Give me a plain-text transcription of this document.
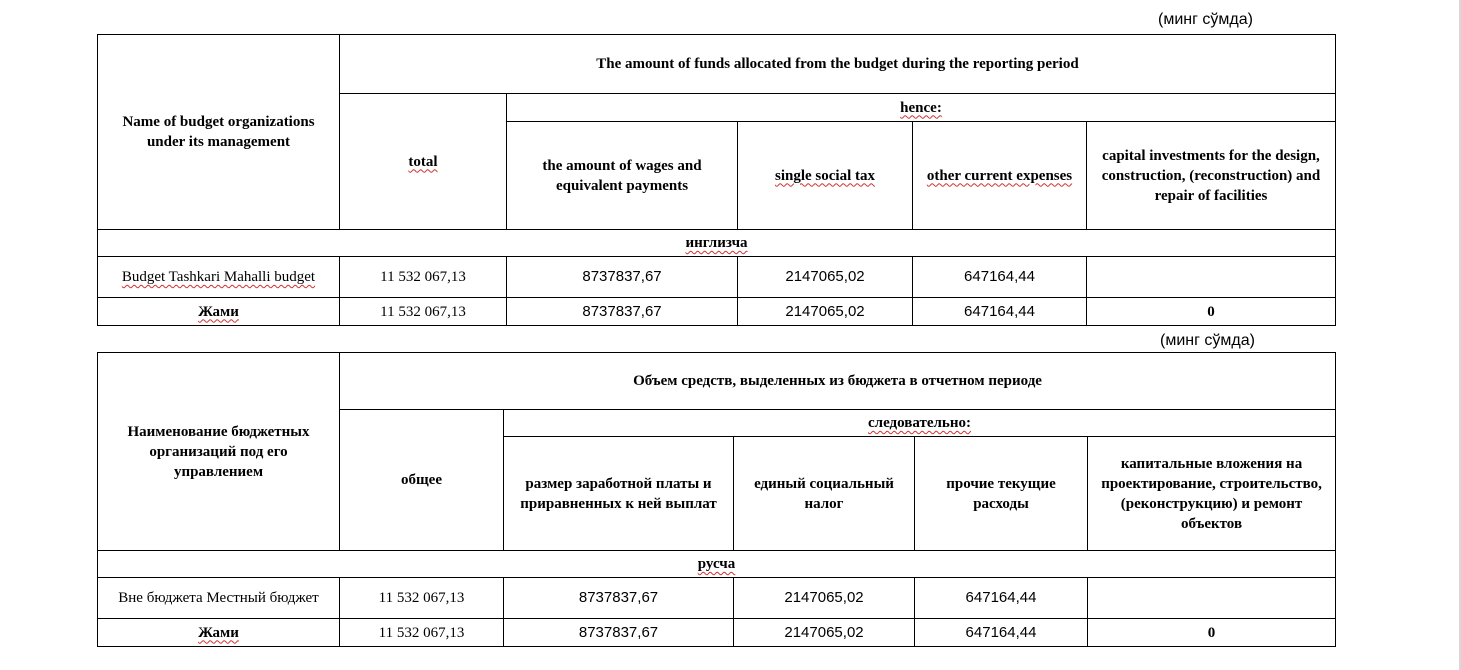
(минг сўмда)
Name of budget organizations under its management	The amount of funds allocated from the budget during the reporting period				
	total	hence:			
		the amount of wages and equivalent payments	single social tax	other current expenses	capital investments for the design, construction, (reconstruction) and repair of facilities
инглизча					
Budget Tashkari Mahalli budget	11 532 067,13	8737837,67	2147065,02	647164,44	
Жами	11 532 067,13	8737837,67	2147065,02	647164,44	0
(минг сўмда)
Наименование бюджетных организаций под его управлением	Объем средств, выделенных из бюджета в отчетном периоде				
	общее	следовательно:			
		размер заработной платы и приравненных к ней выплат	единый социальный налог	прочие текущие расходы	капитальные вложения на проектирование, строительство, (реконструкцию) и ремонт объектов
русча					
Вне бюджета Местный бюджет	11 532 067,13	8737837,67	2147065,02	647164,44	
Жами	11 532 067,13	8737837,67	2147065,02	647164,44	0
